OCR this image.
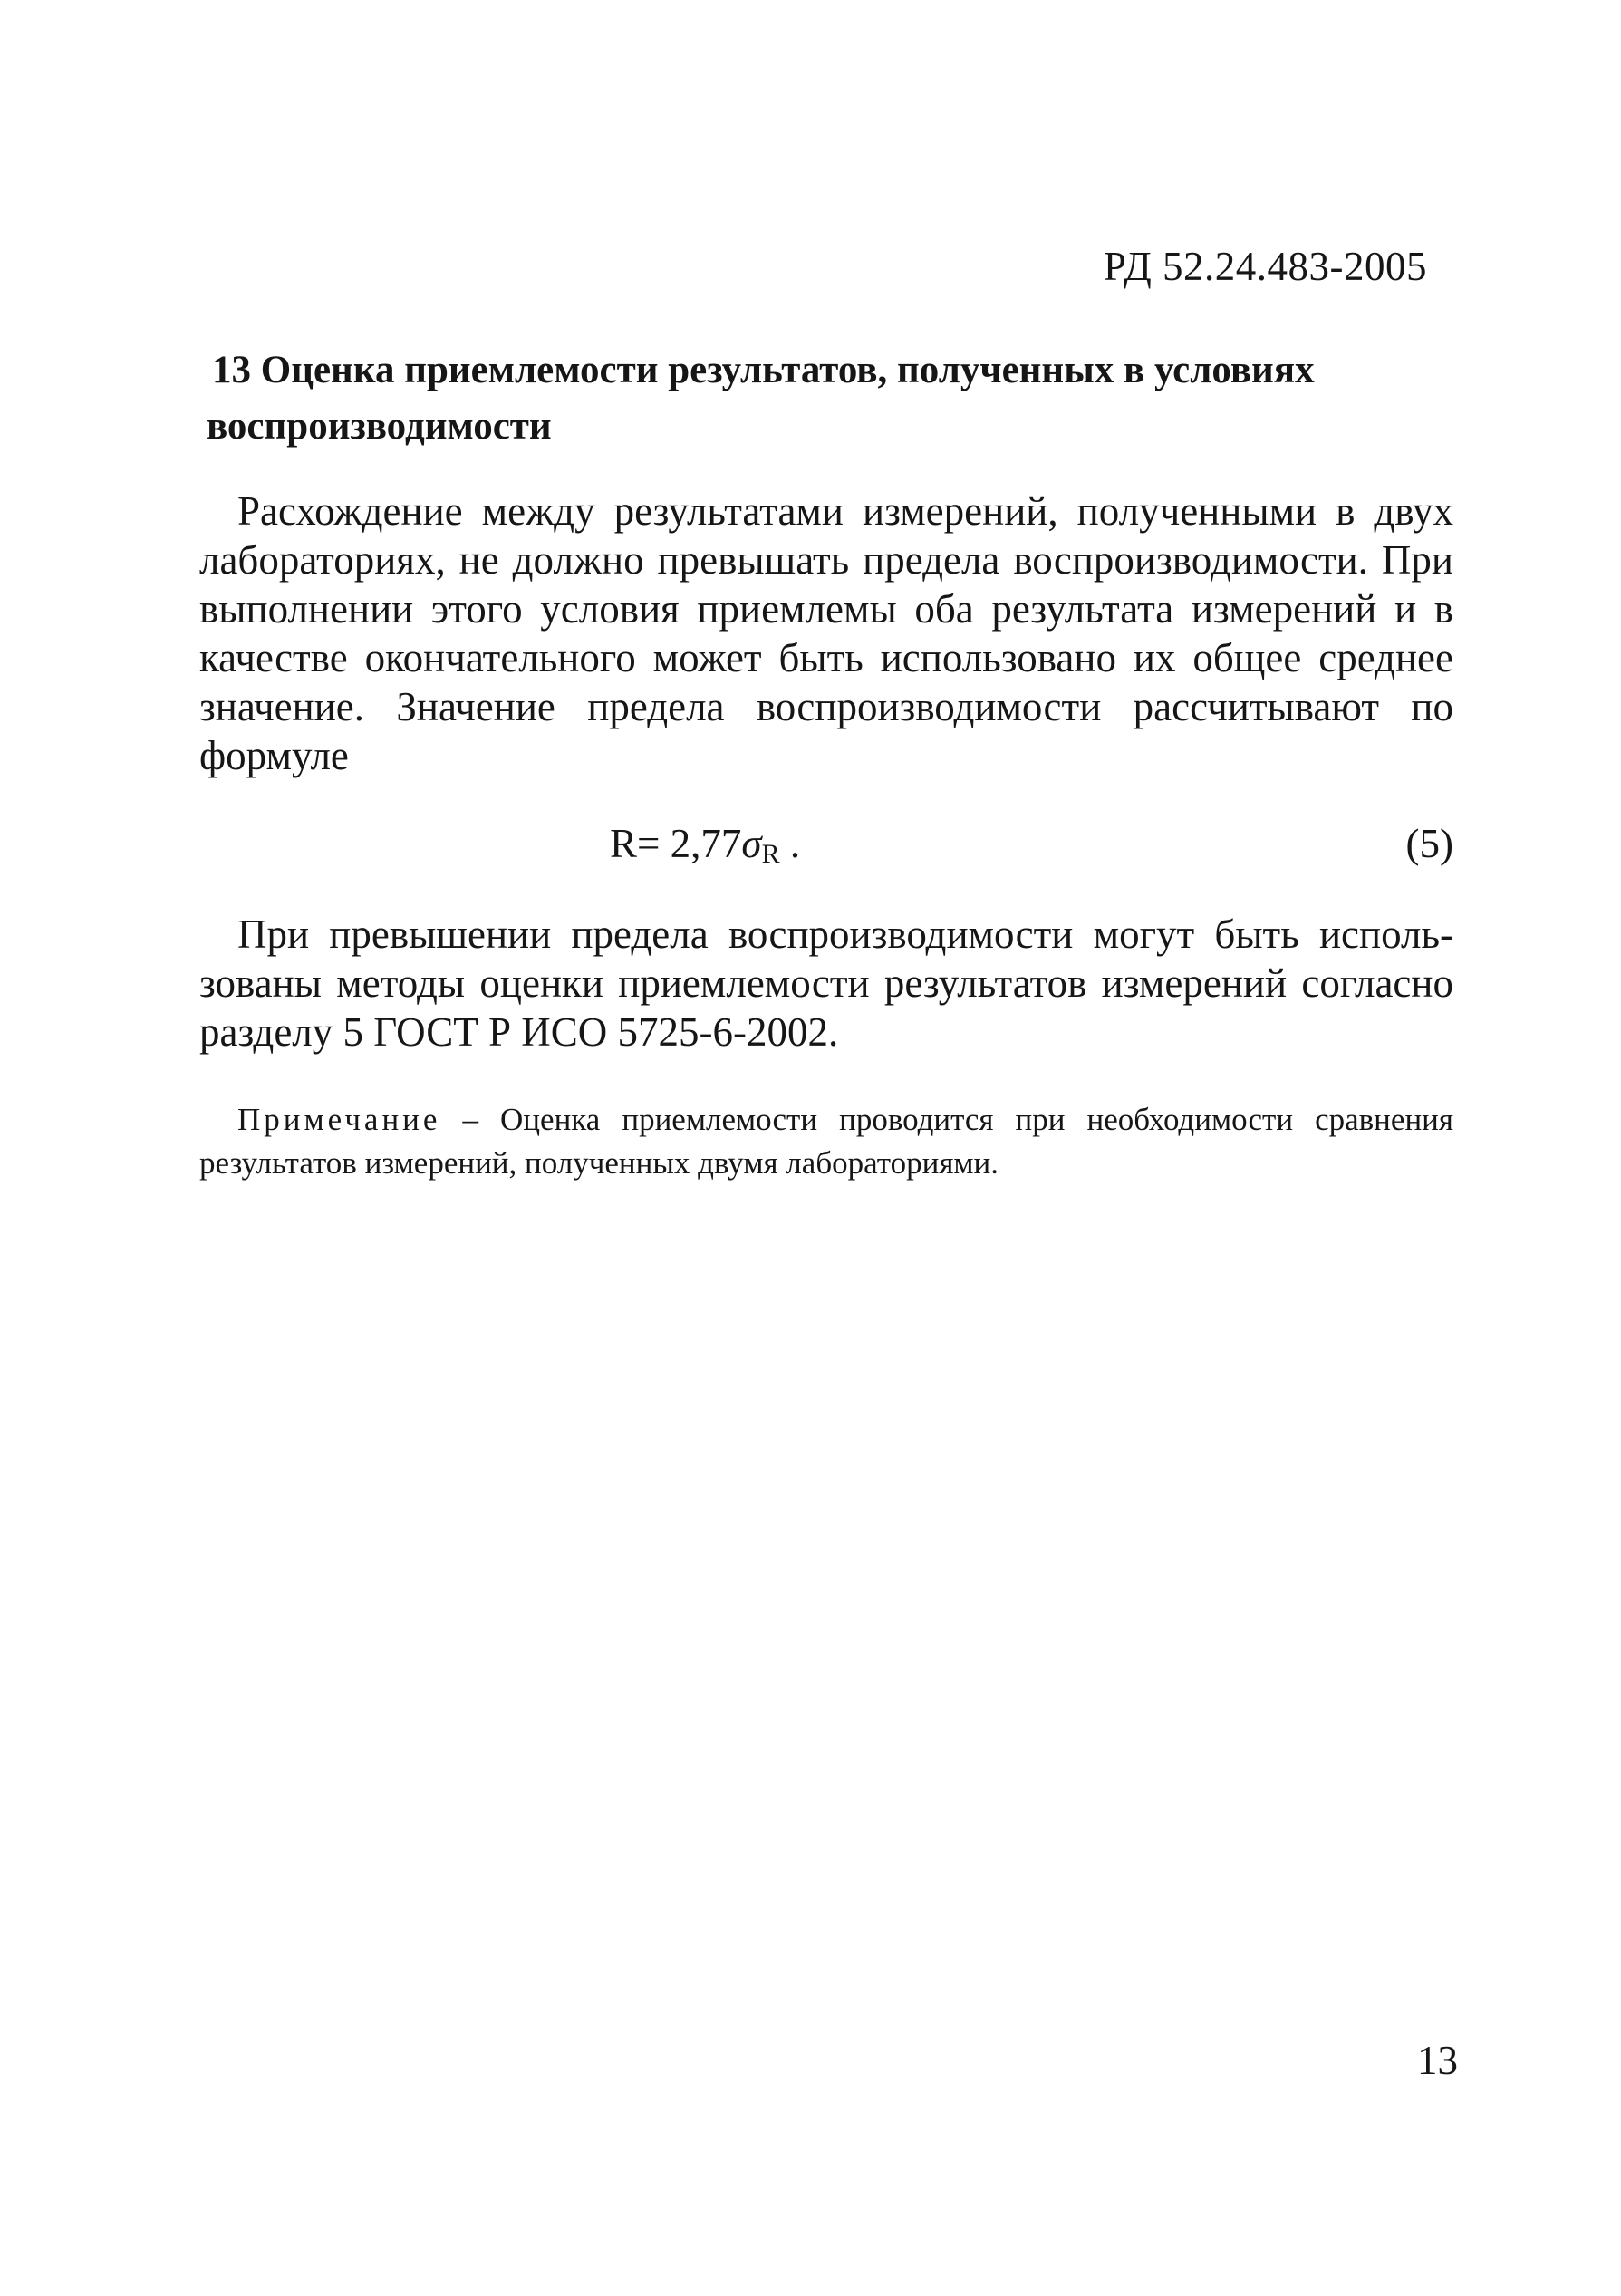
РД 52.24.483-2005
13 Оценка приемлемости результатов, полученных в условиях
воспроизводимости

Расхождение между результатами измерений, полученными в двух лабораториях, не должно превышать предела воспроизводимости. При выполнении этого условия приемлемы оба результата измерений и в качестве окончательного может быть использовано их общее среднее значение. Значение предела воспроизводимости рассчитывают по формуле

$R= 2,77\sigma_R$ .	(5)

При превышении предела воспроизводимости могут быть использованы методы оценки приемлемости результатов измерений согласно разделу 5 ГОСТ Р ИСО 5725-6-2002.

Примечание – Оценка приемлемости проводится при необходимости сравнения результатов измерений, полученных двумя лабораториями.

13
